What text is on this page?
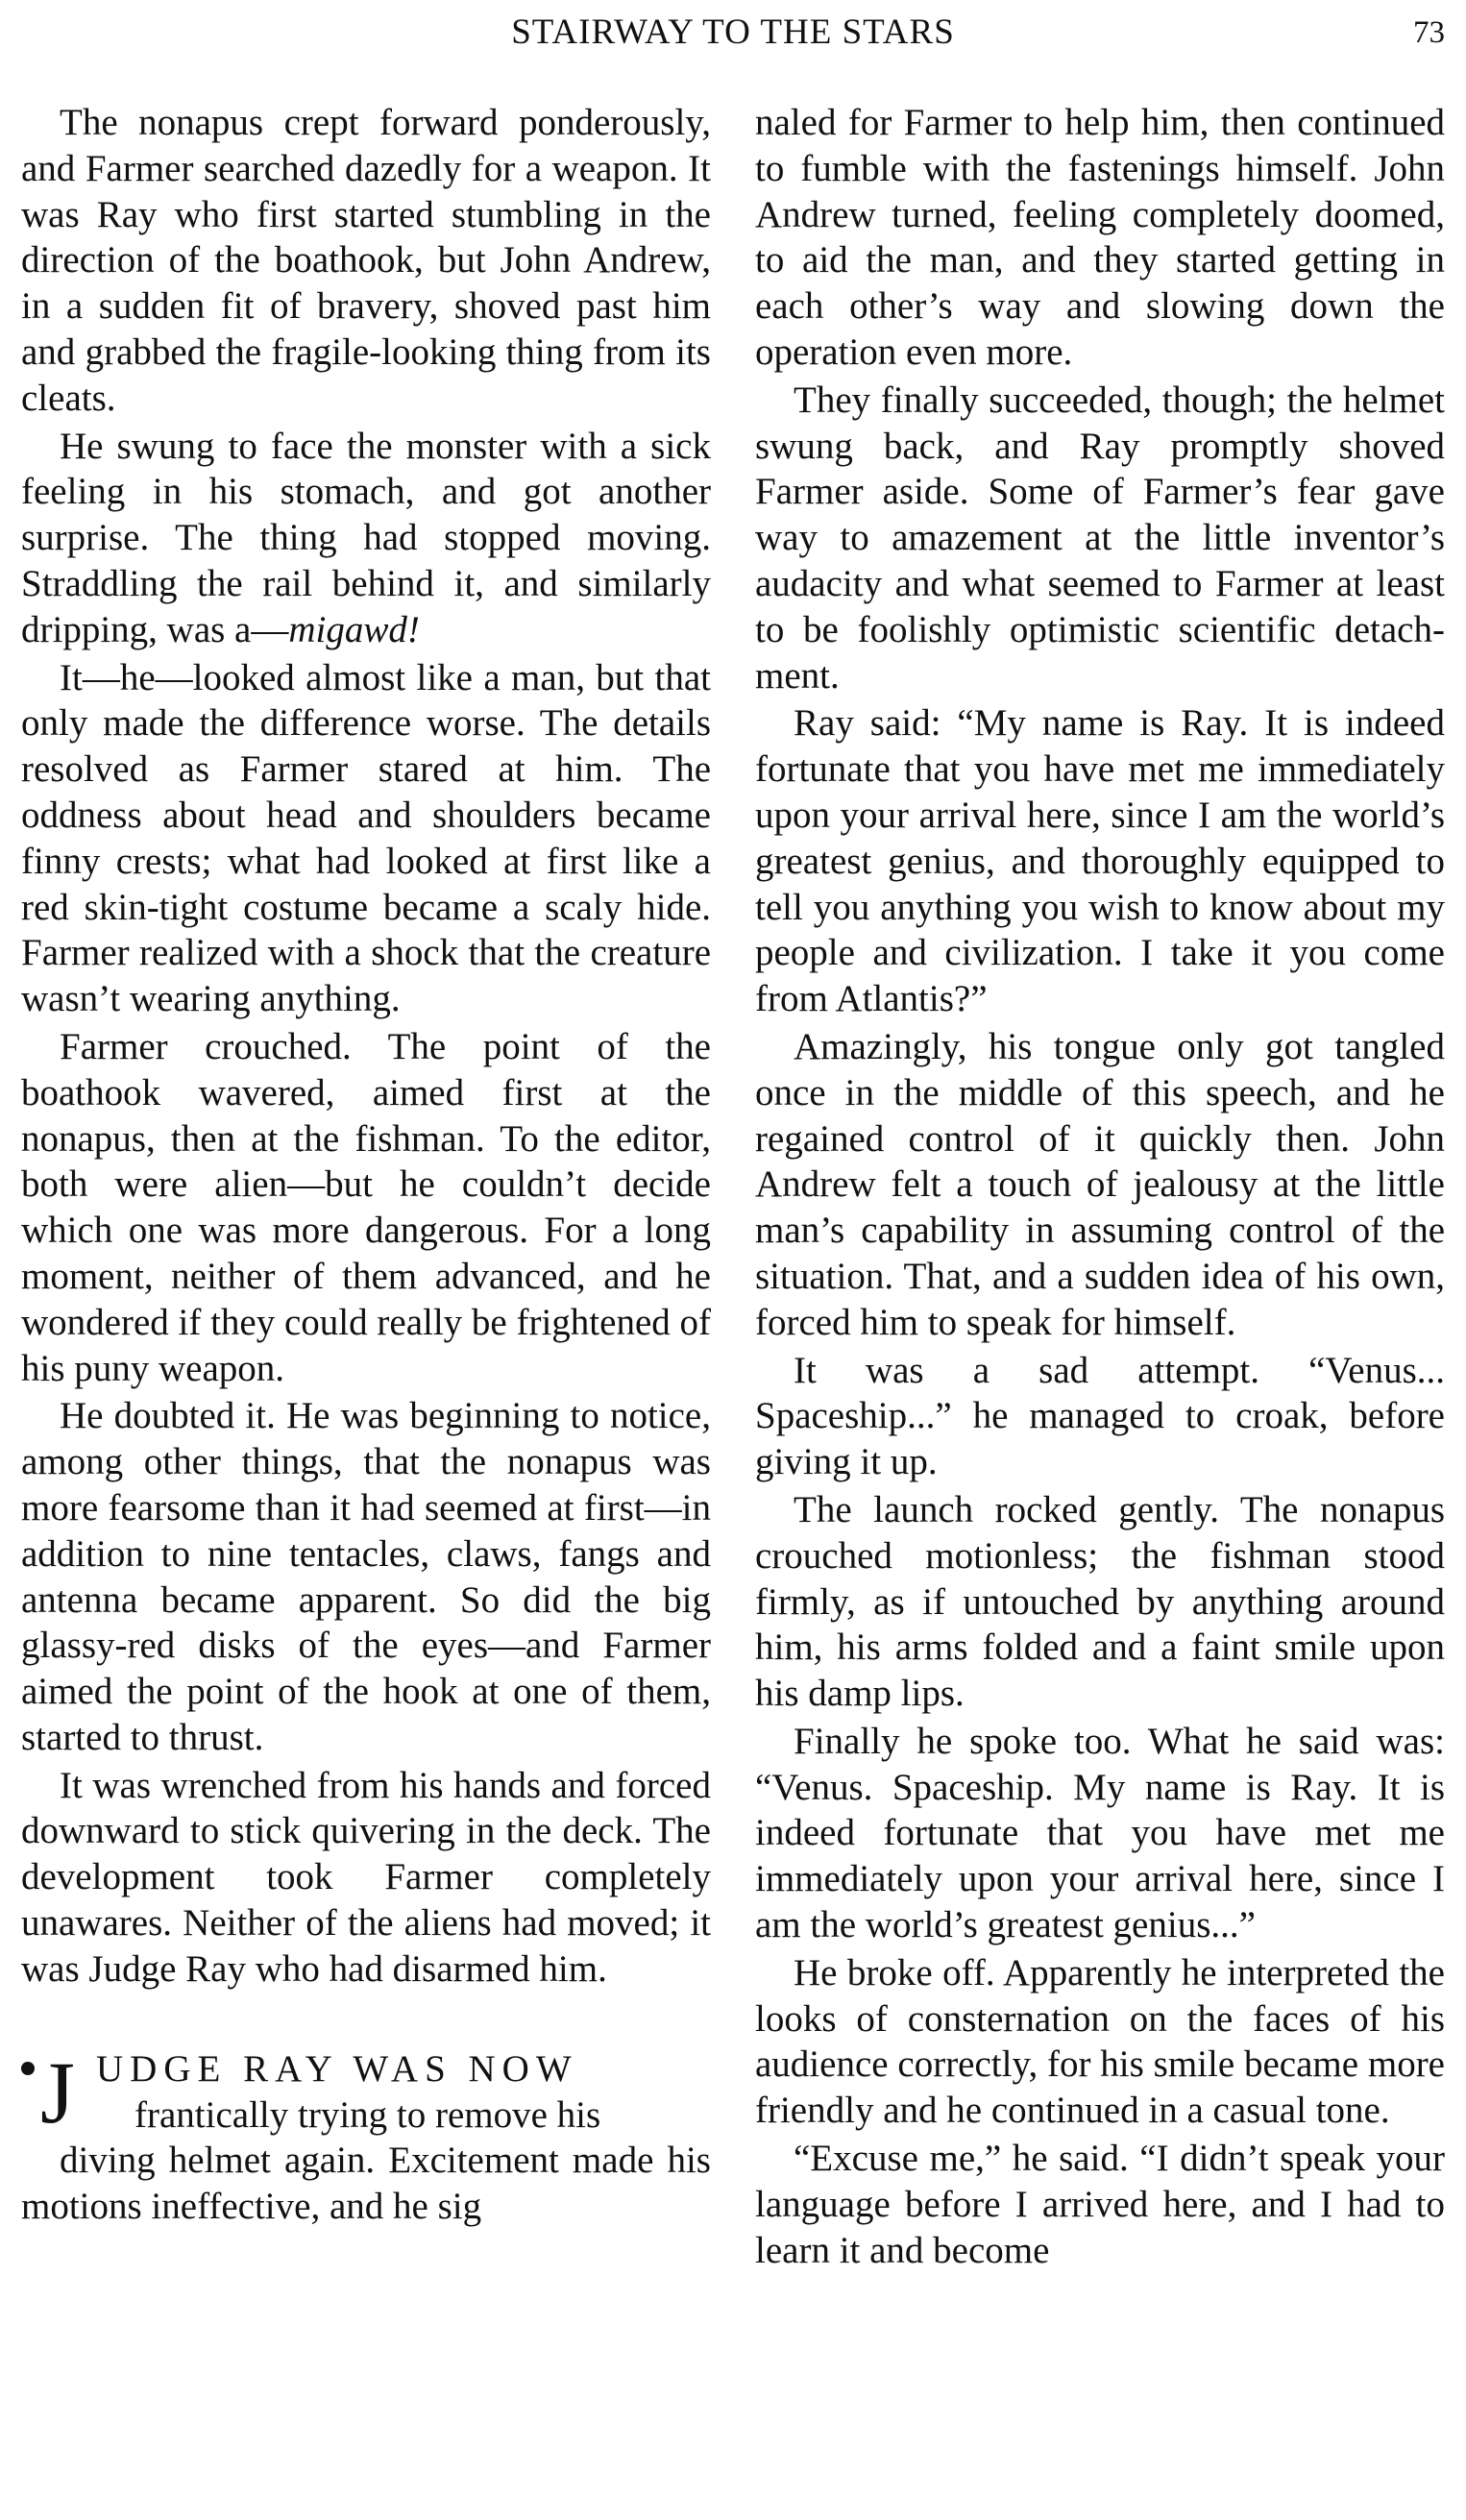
STAIRWAY TO THE STARS	73

The nonapus crept forward ponderously, and Farmer searched dazedly for a weapon. It was Ray who first started stumbling in the direction of the boathook, but John Andrew, in a sudden fit of bravery, shoved past him and grabbed the fragile-looking thing from its cleats.

He swung to face the monster with a sick feeling in his stomach, and got another surprise. The thing had stopped moving. Straddling the rail behind it, and similarly dripping, was a—migawd!

It—he—looked almost like a man, but that only made the difference worse. The details resolved as Farmer stared at him. The oddness about head and shoulders became finny crests; what had looked at first like a red skin-tight costume became a scaly hide. Farmer realized with a shock that the creature wasn’t wearing anything.

Farmer crouched. The point of the boathook wavered, aimed first at the nonapus, then at the fishman. To the editor, both were alien—but he couldn’t decide which one was more dangerous. For a long moment, neither of them advanced, and he wondered if they could really be frightened of his puny weapon.

He doubted it. He was beginning to notice, among other things, that the nonapus was more fearsome than it had seemed at first—in addition to nine tentacles, claws, fangs and antenna became apparent. So did the big glassy-red disks of the eyes—and Farmer aimed the point of the hook at one of them, started to thrust.

It was wrenched from his hands and forced downward to stick quivering in the deck. The development took Farmer completely unawares. Neither of the aliens had moved; it was Judge Ray who had disarmed him.

J UDGE RAY WAS NOW

frantically trying to remove his

diving helmet again. Excitement made his motions ineffective, and he sig

naled for Farmer to help him, then continued to fumble with the fastenings himself. John Andrew turned, feeling completely doomed, to aid the man, and they started getting in each other’s way and slowing down the operation even more.

They finally succeeded, though; the helmet swung back, and Ray promptly shoved Farmer aside. Some of Farmer’s fear gave way to amazement at the little inventor’s audacity and what seemed to Farmer at least to be foolishly optimistic scientific detachment.

Ray said: “My name is Ray. It is indeed fortunate that you have met me immediately upon your arrival here, since I am the world’s greatest genius, and thoroughly equipped to tell you anything you wish to know about my people and civilization. I take it you come from Atlantis?”

Amazingly, his tongue only got tangled once in the middle of this speech, and he regained control of it quickly then. John Andrew felt a touch of jealousy at the little man’s capability in assuming control of the situation. That, and a sudden idea of his own, forced him to speak for himself.

It was a sad attempt. “Venus... Spaceship...” he managed to croak, before giving it up.

The launch rocked gently. The nonapus crouched motionless; the fishman stood firmly, as if untouched by anything around him, his arms folded and a faint smile upon his damp lips.

Finally he spoke too. What he said was: “Venus. Spaceship. My name is Ray. It is indeed fortunate that you have met me immediately upon your arrival here, since I am the world’s greatest genius...”

He broke off. Apparently he interpreted the looks of consternation on the faces of his audience correctly, for his smile became more friendly and he continued in a casual tone.

“Excuse me,” he said. “I didn’t speak your language before I arrived here, and I had to learn it and become
